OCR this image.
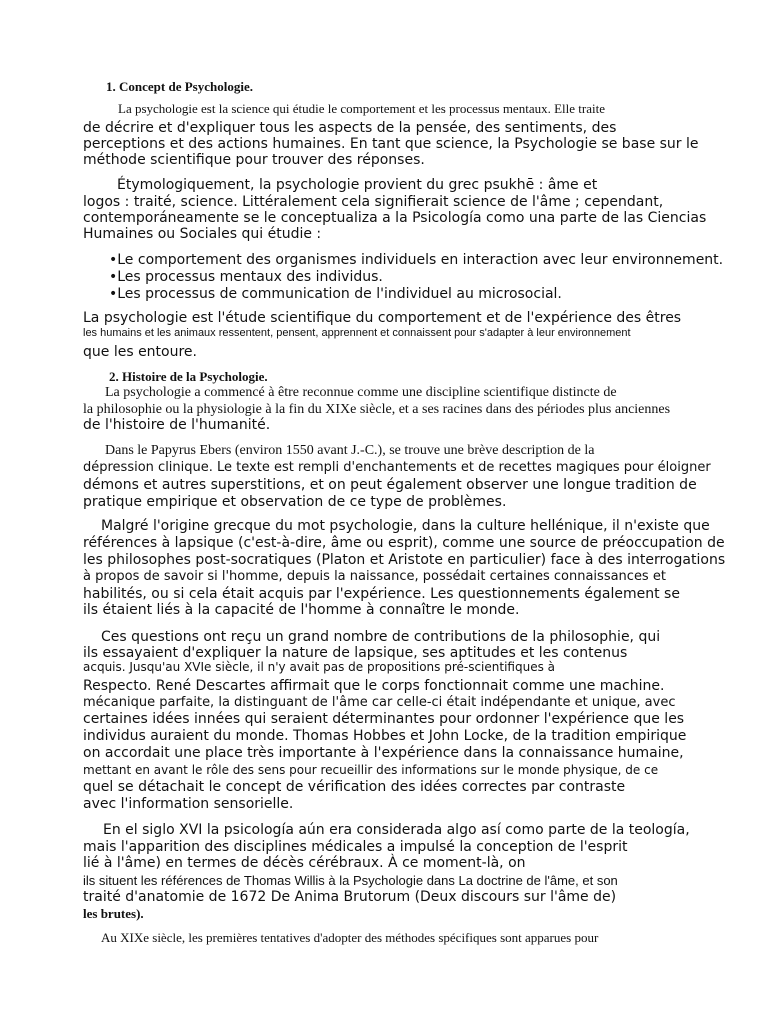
1. Concept de Psychologie.
La psychologie est la science qui étudie le comportement et les processus mentaux. Elle traite
de décrire et d'expliquer tous les aspects de la pensée, des sentiments, des
perceptions et des actions humaines. En tant que science, la Psychologie se base sur le
méthode scientifique pour trouver des réponses.
Étymologiquement, la psychologie provient du grec psukhē : âme et
logos : traité, science. Littéralement cela signifierait science de l'âme ; cependant,
contemporáneamente se le conceptualiza a la Psicología como una parte de las Ciencias
Humaines ou Sociales qui étudie :
•Le comportement des organismes individuels en interaction avec leur environnement.
•Les processus mentaux des individus.
•Les processus de communication de l'individuel au microsocial.
La psychologie est l'étude scientifique du comportement et de l'expérience des êtres
les humains et les animaux ressentent, pensent, apprennent et connaissent pour s'adapter à leur environnement
que les entoure.
2. Histoire de la Psychologie.
La psychologie a commencé à être reconnue comme une discipline scientifique distincte de
la philosophie ou la physiologie à la fin du XIXe siècle, et a ses racines dans des périodes plus anciennes
de l'histoire de l'humanité.
Dans le Papyrus Ebers (environ 1550 avant J.-C.), se trouve une brève description de la
dépression clinique. Le texte est rempli d'enchantements et de recettes magiques pour éloigner
démons et autres superstitions, et on peut également observer une longue tradition de
pratique empirique et observation de ce type de problèmes.
Malgré l'origine grecque du mot psychologie, dans la culture hellénique, il n'existe que
références à lapsique (c'est-à-dire, âme ou esprit), comme une source de préoccupation de
les philosophes post-socratiques (Platon et Aristote en particulier) face à des interrogations
à propos de savoir si l'homme, depuis la naissance, possédait certaines connaissances et
habilités, ou si cela était acquis par l'expérience. Les questionnements également se
ils étaient liés à la capacité de l'homme à connaître le monde.
Ces questions ont reçu un grand nombre de contributions de la philosophie, qui
ils essayaient d'expliquer la nature de lapsique, ses aptitudes et les contenus
acquis. Jusqu'au XVIe siècle, il n'y avait pas de propositions pré-scientifiques à
Respecto. René Descartes affirmait que le corps fonctionnait comme une machine.
mécanique parfaite, la distinguant de l'âme car celle-ci était indépendante et unique, avec
certaines idées innées qui seraient déterminantes pour ordonner l'expérience que les
individus auraient du monde. Thomas Hobbes et John Locke, de la tradition empirique
on accordait une place très importante à l'expérience dans la connaissance humaine,
mettant en avant le rôle des sens pour recueillir des informations sur le monde physique, de ce
quel se détachait le concept de vérification des idées correctes par contraste
avec l'information sensorielle.
En el siglo XVI la psicología aún era considerada algo así como parte de la teología,
mais l'apparition des disciplines médicales a impulsé la conception de l'esprit
lié à l'âme) en termes de décès cérébraux. À ce moment-là, on
ils situent les références de Thomas Willis à la Psychologie dans La doctrine de l'âme, et son
traité d'anatomie de 1672 De Anima Brutorum (Deux discours sur l'âme de)
les brutes).
Au XIXe siècle, les premières tentatives d'adopter des méthodes spécifiques sont apparues pour
